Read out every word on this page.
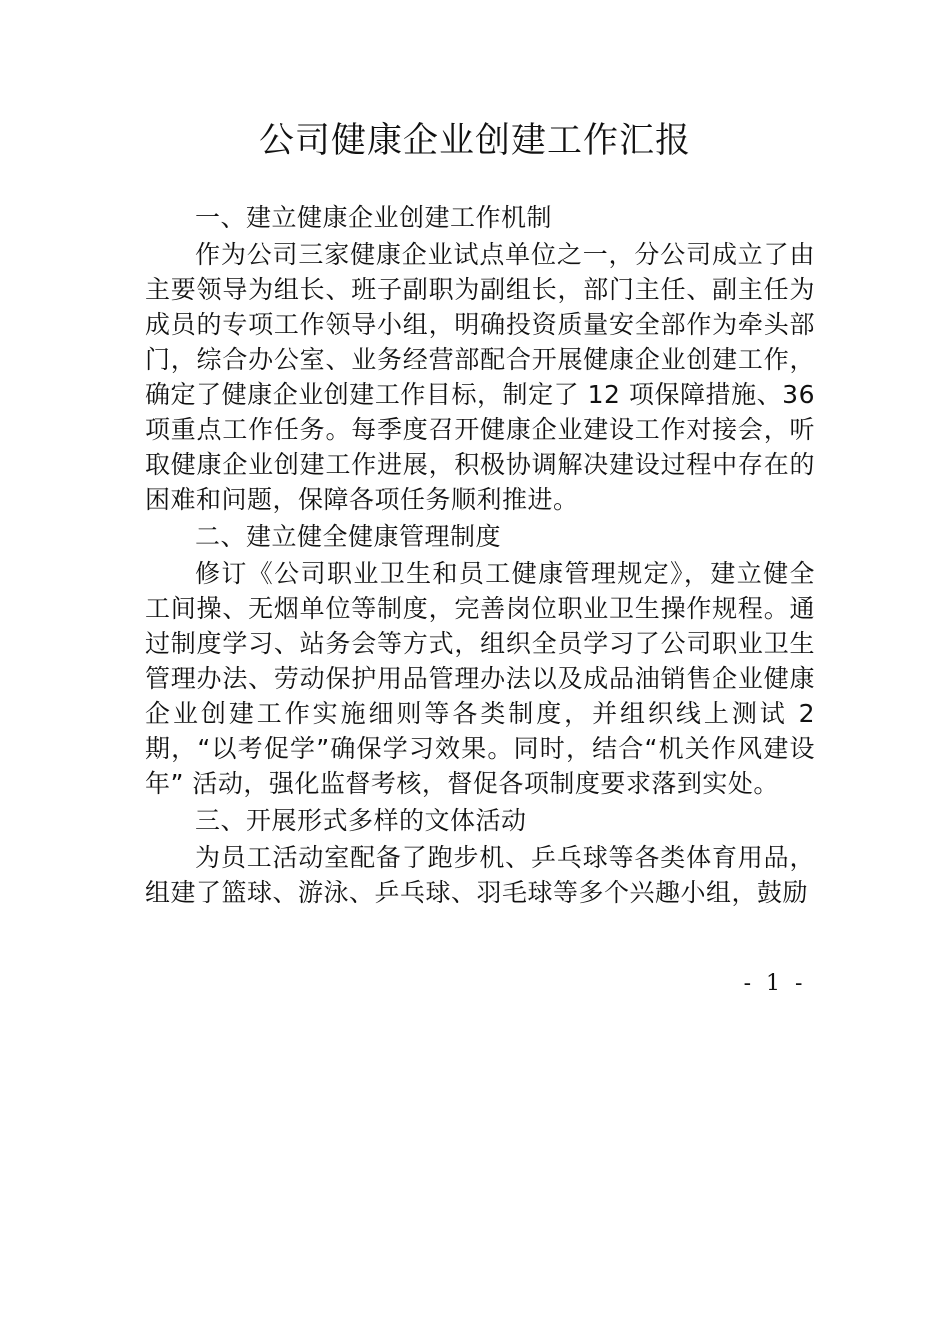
公司健康企业创建工作汇报
一、建立健康企业创建工作机制

作为公司三家健康企业试点单位之一，分公司成立了由主要领导为组长、班子副职为副组长，部门主任、副主任为成员的专项工作领导小组，明确投资质量安全部作为牵头部门，综合办公室、业务经营部配合开展健康企业创建工作， 确定了健康企业创建工作目标，制定了 12 项保障措施、36 项重点工作任务。每季度召开健康企业建设工作对接会，听取健康企业创建工作进展，积极协调解决建设过程中存在的困难和问题，保障各项任务顺利推进。

二、建立健全健康管理制度

修订《公司职业卫生和员工健康管理规定》，建立健全工间操、无烟单位等制度，完善岗位职业卫生操作规程。通过制度学习、站务会等方式，组织全员学习了公司职业卫生管理办法、劳动保护用品管理办法以及成品油销售企业健康企业创建工作实施细则等各类制度，并组织线上测试 2 期，“以考促学”确保学习效果。同时，结合“机关作风建设年” 活动，强化监督考核，督促各项制度要求落到实处。

三、开展形式多样的文体活动

为员工活动室配备了跑步机、乒乓球等各类体育用品，组建了篮球、游泳、乒乓球、羽毛球等多个兴趣小组，鼓励

- 1 -
